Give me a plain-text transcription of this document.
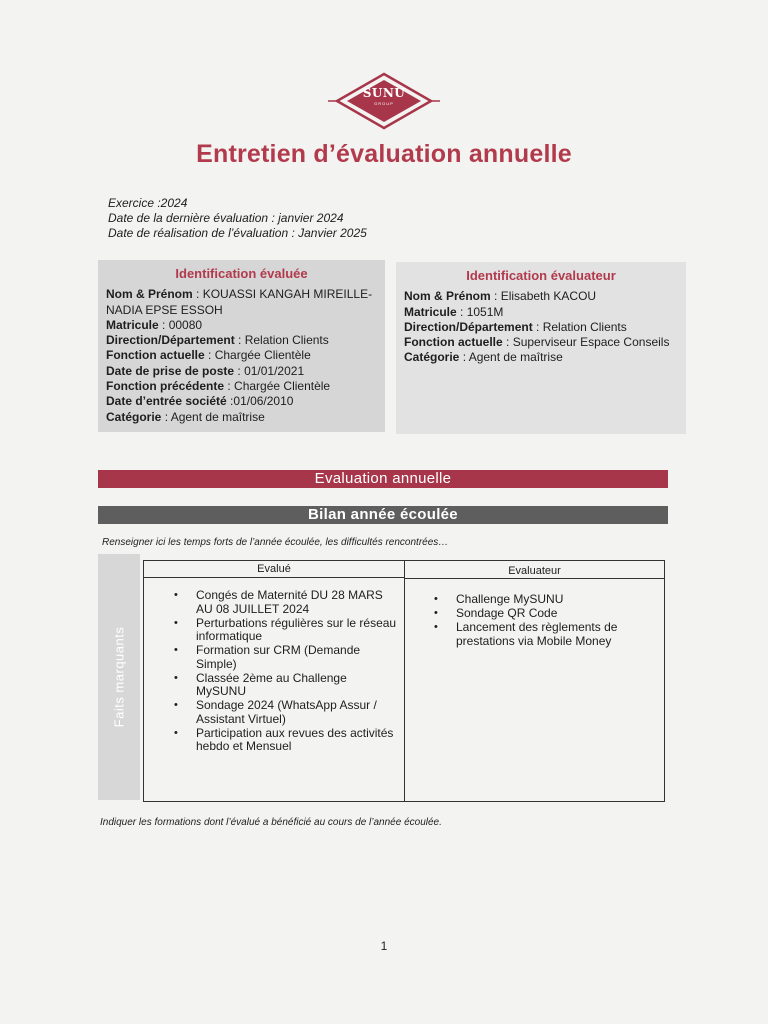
SUNU
GROUP
Entretien d’évaluation annuelle
Exercice :2024
Date de la dernière évaluation : janvier 2024
Date de réalisation de l’évaluation : Janvier 2025
Identification évaluée
Nom & Prénom : KOUASSI KANGAH MIREILLE-NADIA EPSE ESSOH
Matricule : 00080
Direction/Département : Relation Clients
Fonction actuelle : Chargée Clientèle
Date de prise de poste : 01/01/2021
Fonction précédente : Chargée Clientèle
Date d’entrée société :01/06/2010
Catégorie : Agent de maîtrise
Identification évaluateur
Nom & Prénom : Elisabeth KACOU
Matricule : 1051M
Direction/Département : Relation Clients
Fonction actuelle : Superviseur Espace Conseils
Catégorie : Agent de maîtrise
Evaluation annuelle
Bilan année écoulée
Renseigner ici les temps forts de l’année écoulée, les difficultés rencontrées…
Faits marquants
Evalué
• Congés de Maternité DU 28 MARS AU 08 JUILLET 2024
• Perturbations régulières sur le réseau informatique
• Formation sur CRM (Demande Simple)
• Classée 2ème au Challenge MySUNU
• Sondage 2024 (WhatsApp Assur / Assistant Virtuel)
• Participation aux revues des activités hebdo et Mensuel
Evaluateur
• Challenge MySUNU
• Sondage QR Code
• Lancement des règlements de prestations via Mobile Money
Indiquer les formations dont l’évalué a bénéficié au cours de l’année écoulée.
1
